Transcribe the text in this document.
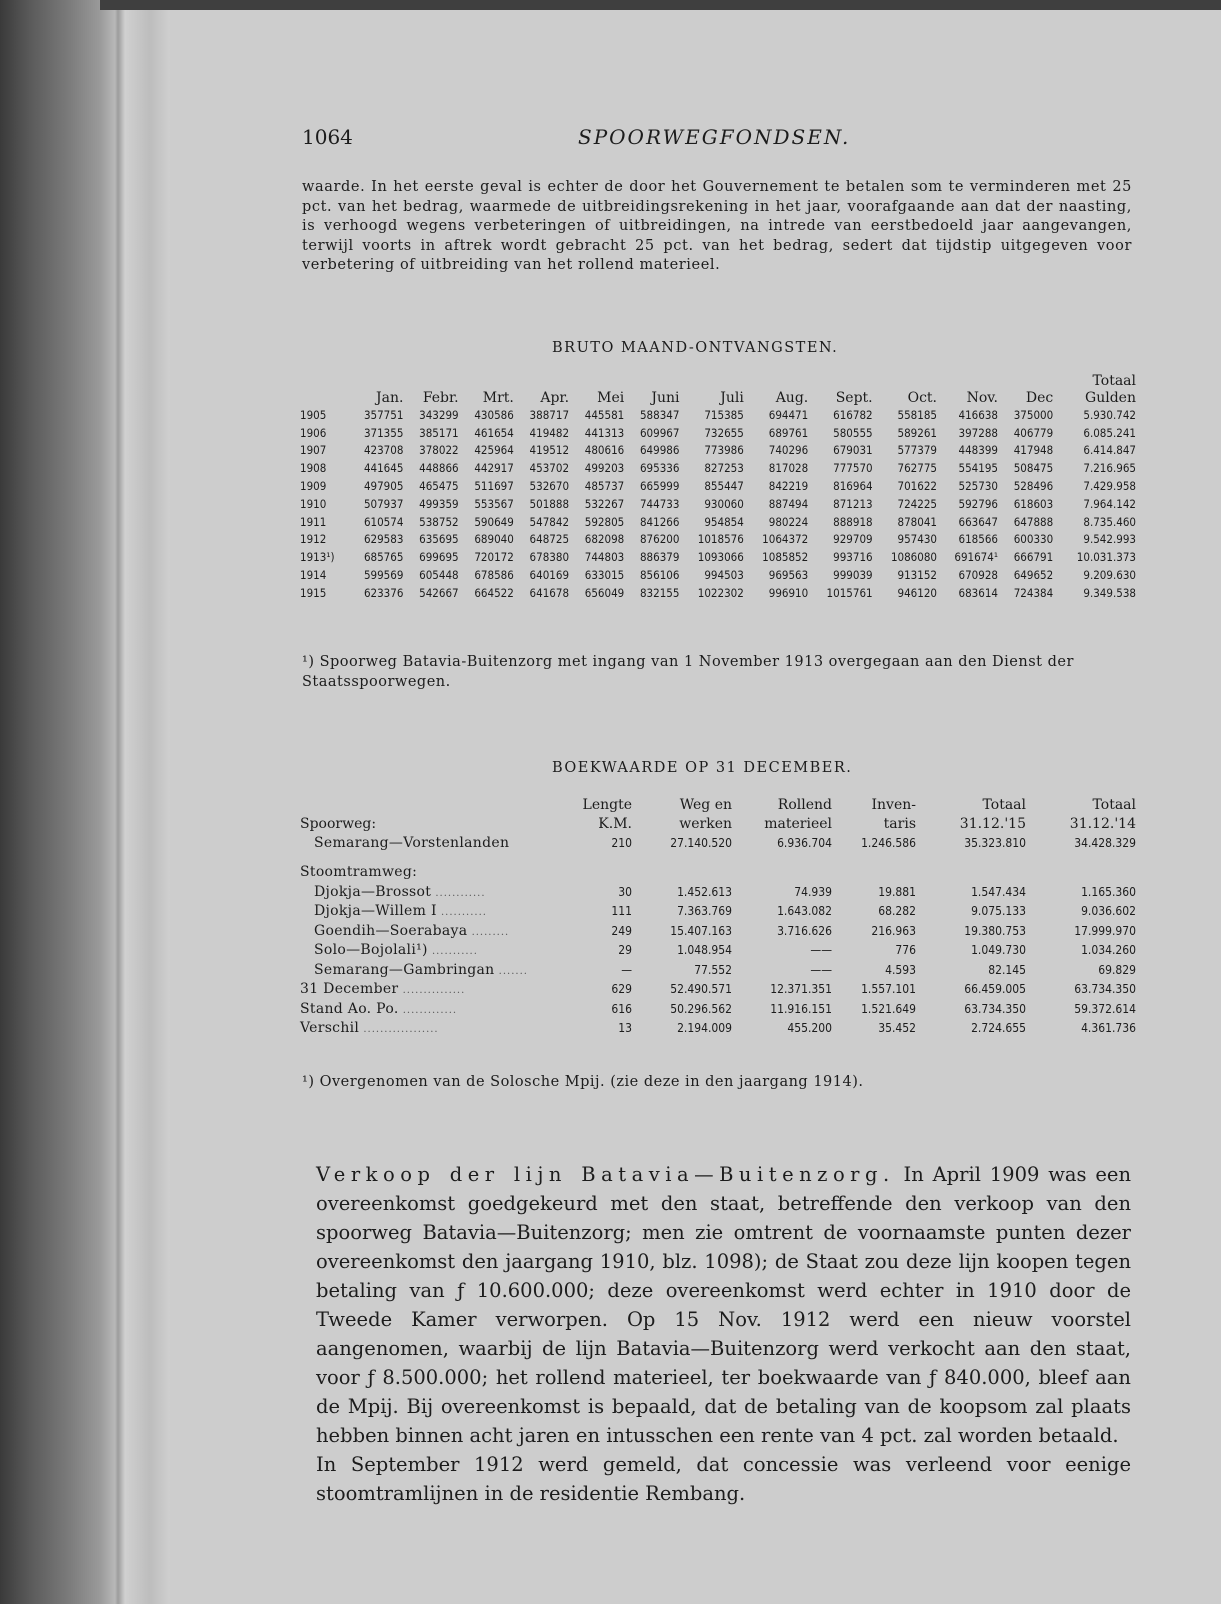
1064	SPOORWEGFONDSEN.
waarde. In het eerste geval is echter de door het Gouvernement te betalen som te verminderen met 25 pct. van het bedrag, waarmede de uitbreidingsrekening in het jaar, voorafgaande aan dat der naasting, is verhoogd wegens verbeteringen of uitbreidingen, na intrede van eerstbedoeld jaar aangevangen, terwijl voorts in aftrek wordt gebracht 25 pct. van het bedrag, sedert dat tijdstip uitgegeven voor verbetering of uitbreiding van het rollend materieel.
BRUTO MAAND-ONTVANGSTEN.
													Totaal
	Jan.	Febr.	Mrt.	Apr.	Mei	Juni	Juli	Aug.	Sept.	Oct.	Nov.	Dec	Gulden
1905	357751	343299	430586	388717	445581	588347	715385	694471	616782	558185	416638	375000	5.930.742
1906	371355	385171	461654	419482	441313	609967	732655	689761	580555	589261	397288	406779	6.085.241
1907	423708	378022	425964	419512	480616	649986	773986	740296	679031	577379	448399	417948	6.414.847
1908	441645	448866	442917	453702	499203	695336	827253	817028	777570	762775	554195	508475	7.216.965
1909	497905	465475	511697	532670	485737	665999	855447	842219	816964	701622	525730	528496	7.429.958
1910	507937	499359	553567	501888	532267	744733	930060	887494	871213	724225	592796	618603	7.964.142
1911	610574	538752	590649	547842	592805	841266	954854	980224	888918	878041	663647	647888	8.735.460
1912	629583	635695	689040	648725	682098	876200	1018576	1064372	929709	957430	618566	600330	9.542.993
1913¹)	685765	699695	720172	678380	744803	886379	1093066	1085852	993716	1086080	691674¹	666791	10.031.373
1914	599569	605448	678586	640169	633015	856106	994503	969563	999039	913152	670928	649652	9.209.630
1915	623376	542667	664522	641678	656049	832155	1022302	996910	1015761	946120	683614	724384	9.349.538
¹) Spoorweg Batavia-Buitenzorg met ingang van 1 November 1913 overgegaan aan den Dienst der Staatsspoorwegen.
BOEKWAARDE OP 31 DECEMBER.
	Lengte	Weg en	Rollend	Inven-	Totaal	Totaal
Spoorweg:	K.M.	werken	materieel	taris	31.12.'15	31.12.'14
Semarang—Vorstenlanden	210	27.140.520	6.936.704	1.246.586	35.323.810	34.428.329

Stoomtramweg:						
Djokja—Brossot ............	30	1.452.613	74.939	19.881	1.547.434	1.165.360
Djokja—Willem I ...........	111	7.363.769	1.643.082	68.282	9.075.133	9.036.602
Goendih—Soerabaya .........	249	15.407.163	3.716.626	216.963	19.380.753	17.999.970
Solo—Bojolali¹) ...........	29	1.048.954	——	776	1.049.730	1.034.260
Semarang—Gambringan .......	—	77.552	——	4.593	82.145	69.829
31 December ...............	629	52.490.571	12.371.351	1.557.101	66.459.005	63.734.350
Stand Ao. Po. .............	616	50.296.562	11.916.151	1.521.649	63.734.350	59.372.614
Verschil ..................	13	2.194.009	455.200	35.452	2.724.655	4.361.736
¹) Overgenomen van de Solosche Mpij. (zie deze in den jaargang 1914).

Verkoop der lijn Batavia—Buitenzorg. In April 1909 was een overeenkomst goedgekeurd met den staat, betreffende den verkoop van den spoorweg Batavia—Buitenzorg; men zie omtrent de voornaamste punten dezer overeenkomst den jaargang 1910, blz. 1098); de Staat zou deze lijn koopen tegen betaling van ƒ 10.600.000; deze overeenkomst werd echter in 1910 door de Tweede Kamer verworpen. Op 15 Nov. 1912 werd een nieuw voorstel aangenomen, waarbij de lijn Batavia—Buitenzorg werd verkocht aan den staat, voor ƒ 8.500.000; het rollend materieel, ter boekwaarde van ƒ 840.000, bleef aan de Mpij. Bij overeenkomst is bepaald, dat de betaling van de koopsom zal plaats hebben binnen acht jaren en intusschen een rente van 4 pct. zal worden betaald.

In September 1912 werd gemeld, dat concessie was verleend voor eenige stoomtramlijnen in de residentie Rembang.
